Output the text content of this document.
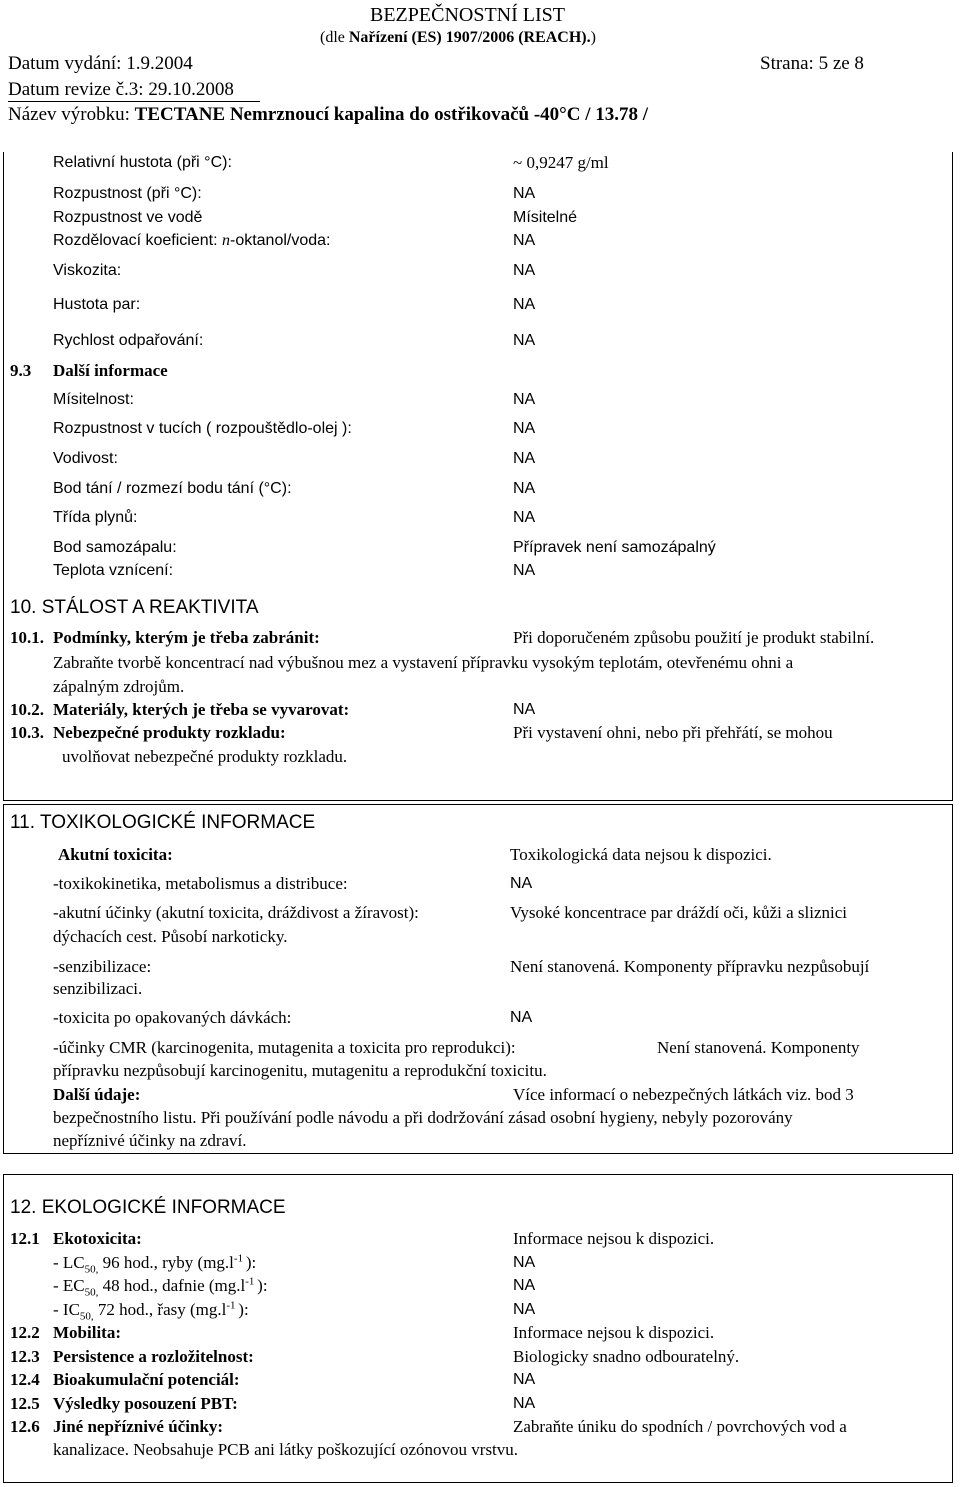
BEZPEČNOSTNÍ LIST
(dle Nařízení (ES) 1907/2006 (REACH).)
Datum vydání: 1.9.2004	Strana: 5 ze 8
Datum revize č.3: 29.10.2008
Název výrobku: TECTANE Nemrznoucí kapalina do ostřikovačů -40°C / 13.78 /
Relativní hustota (při °C):	~ 0,9247 g/ml
Rozpustnost (při °C):	NA
Rozpustnost ve vodě	Mísitelné
Rozdělovací koeficient: n-oktanol/voda:	NA
Viskozita:	NA
Hustota par:	NA
Rychlost odpařování:	NA
9.3 Další informace
Mísitelnost:	NA
Rozpustnost v tucích ( rozpouštědlo-olej ):	NA
Vodivost:	NA
Bod tání / rozmezí bodu tání (°C):	NA
Třída plynů:	NA
Bod samozápalu:	Přípravek není samozápalný
Teplota vznícení:	NA
10. STÁLOST A REAKTIVITA
10.1. Podmínky, kterým je třeba zabránit:	Při doporučeném způsobu použití je produkt stabilní.
Zabraňte tvorbě koncentrací nad výbušnou mez a vystavení přípravku vysokým teplotám, otevřenému ohni a
zápalným zdrojům.
10.2. Materiály, kterých je třeba se vyvarovat:	NA
10.3. Nebezpečné produkty rozkladu:	Při vystavení ohni, nebo při přehřátí, se mohou
uvolňovat nebezpečné produkty rozkladu.
11. TOXIKOLOGICKÉ INFORMACE
Akutní toxicita:	Toxikologická data nejsou k dispozici.
-toxikokinetika, metabolismus a distribuce:	NA
-akutní účinky (akutní toxicita, dráždivost a žíravost):	Vysoké koncentrace par dráždí oči, kůži a sliznici
dýchacích cest. Působí narkoticky.
-senzibilizace:	Není stanovená. Komponenty přípravku nezpůsobují
senzibilizaci.
-toxicita po opakovaných dávkách:	NA
-účinky CMR (karcinogenita, mutagenita a toxicita pro reprodukci):	Není stanovená. Komponenty
přípravku nezpůsobují karcinogenitu, mutagenitu a reprodukční toxicitu.
Další údaje:	Více informací o nebezpečných látkách viz. bod 3
bezpečnostního listu. Při používání podle návodu a při dodržování zásad osobní hygieny, nebyly pozorovány
nepříznivé účinky na zdraví.
12. EKOLOGICKÉ INFORMACE
12.1 Ekotoxicita:	Informace nejsou k dispozici.
- $LC_{50,}$ 96 hod., ryby ($mg.l^{-1}$ ):	NA
- $EC_{50,}$ 48 hod., dafnie ($mg.l^{-1}$ ):	NA
- $IC_{50,}$ 72 hod., řasy ($mg.l^{-1}$ ):	NA
12.2 Mobilita:	Informace nejsou k dispozici.
12.3 Persistence a rozložitelnost:	Biologicky snadno odbouratelný.
12.4 Bioakumulační potenciál:	NA
12.5 Výsledky posouzení PBT:	NA
12.6 Jiné nepříznivé účinky:	Zabraňte úniku do spodních / povrchových vod a
kanalizace. Neobsahuje PCB ani látky poškozující ozónovou vrstvu.
